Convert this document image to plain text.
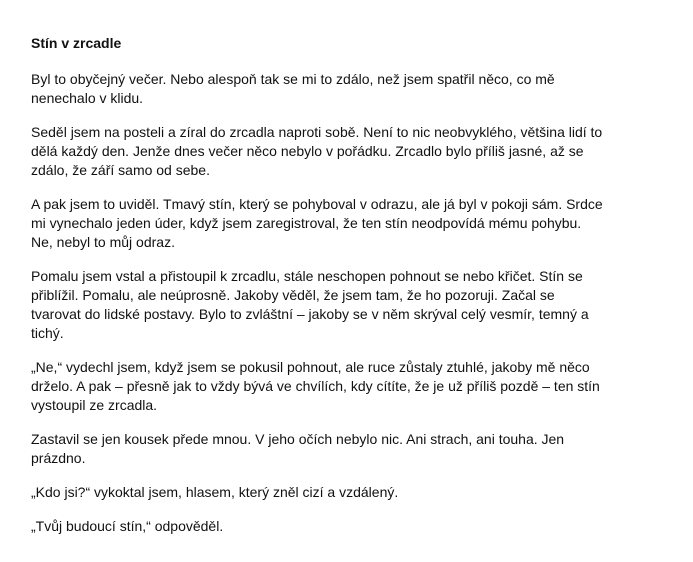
Stín v zrcadle

Byl to obyčejný večer. Nebo alespoň tak se mi to zdálo, než jsem spatřil něco, co mě
nenechalo v klidu.

Seděl jsem na posteli a zíral do zrcadla naproti sobě. Není to nic neobvyklého, většina lidí to
dělá každý den. Jenže dnes večer něco nebylo v pořádku. Zrcadlo bylo příliš jasné, až se
zdálo, že září samo od sebe.

A pak jsem to uviděl. Tmavý stín, který se pohyboval v odrazu, ale já byl v pokoji sám. Srdce
mi vynechalo jeden úder, když jsem zaregistroval, že ten stín neodpovídá mému pohybu.
Ne, nebyl to můj odraz.

Pomalu jsem vstal a přistoupil k zrcadlu, stále neschopen pohnout se nebo křičet. Stín se
přiblížil. Pomalu, ale neúprosně. Jakoby věděl, že jsem tam, že ho pozoruji. Začal se
tvarovat do lidské postavy. Bylo to zvláštní – jakoby se v něm skrýval celý vesmír, temný a
tichý.

„Ne,“ vydechl jsem, když jsem se pokusil pohnout, ale ruce zůstaly ztuhlé, jakoby mě něco
drželo. A pak – přesně jak to vždy bývá ve chvílích, kdy cítíte, že je už příliš pozdě – ten stín
vystoupil ze zrcadla.

Zastavil se jen kousek přede mnou. V jeho očích nebylo nic. Ani strach, ani touha. Jen
prázdno.

„Kdo jsi?“ vykoktal jsem, hlasem, který zněl cizí a vzdálený.

„Tvůj budoucí stín,“ odpověděl.
